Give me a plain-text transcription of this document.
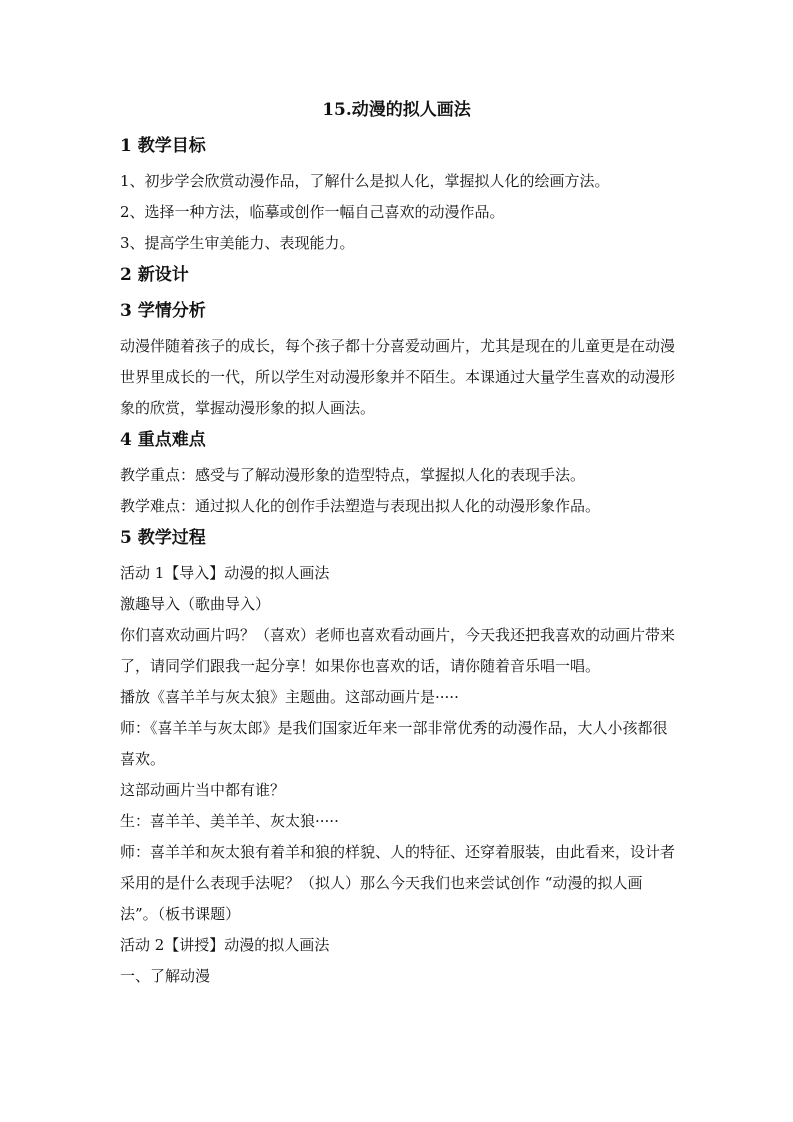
15.动漫的拟人画法
1 教学目标
1、初步学会欣赏动漫作品，了解什么是拟人化，掌握拟人化的绘画方法。
2、选择一种方法，临摹或创作一幅自己喜欢的动漫作品。
3、提高学生审美能力、表现能力。
2 新设计
3 学情分析
动漫伴随着孩子的成长，每个孩子都十分喜爱动画片，尤其是现在的儿童更是在动漫世界里成长的一代，所以学生对动漫形象并不陌生。本课通过大量学生喜欢的动漫形象的欣赏，掌握动漫形象的拟人画法。
4 重点难点
教学重点：感受与了解动漫形象的造型特点，掌握拟人化的表现手法。
教学难点：通过拟人化的创作手法塑造与表现出拟人化的动漫形象作品。
5 教学过程
活动 1【导入】动漫的拟人画法
激趣导入（歌曲导入）
你们喜欢动画片吗？（喜欢）老师也喜欢看动画片，今天我还把我喜欢的动画片带来了，请同学们跟我一起分享！如果你也喜欢的话，请你随着音乐唱一唱。
播放《喜羊羊与灰太狼》主题曲。这部动画片是·····
师：《喜羊羊与灰太郎》是我们国家近年来一部非常优秀的动漫作品，大人小孩都很喜欢。
这部动画片当中都有谁？
生：喜羊羊、美羊羊、灰太狼·····
师：喜羊羊和灰太狼有着羊和狼的样貌、人的特征、还穿着服装，由此看来，设计者采用的是什么表现手法呢？（拟人）那么今天我们也来尝试创作 “动漫的拟人画法”。（板书课题）
活动 2【讲授】动漫的拟人画法
一、了解动漫
